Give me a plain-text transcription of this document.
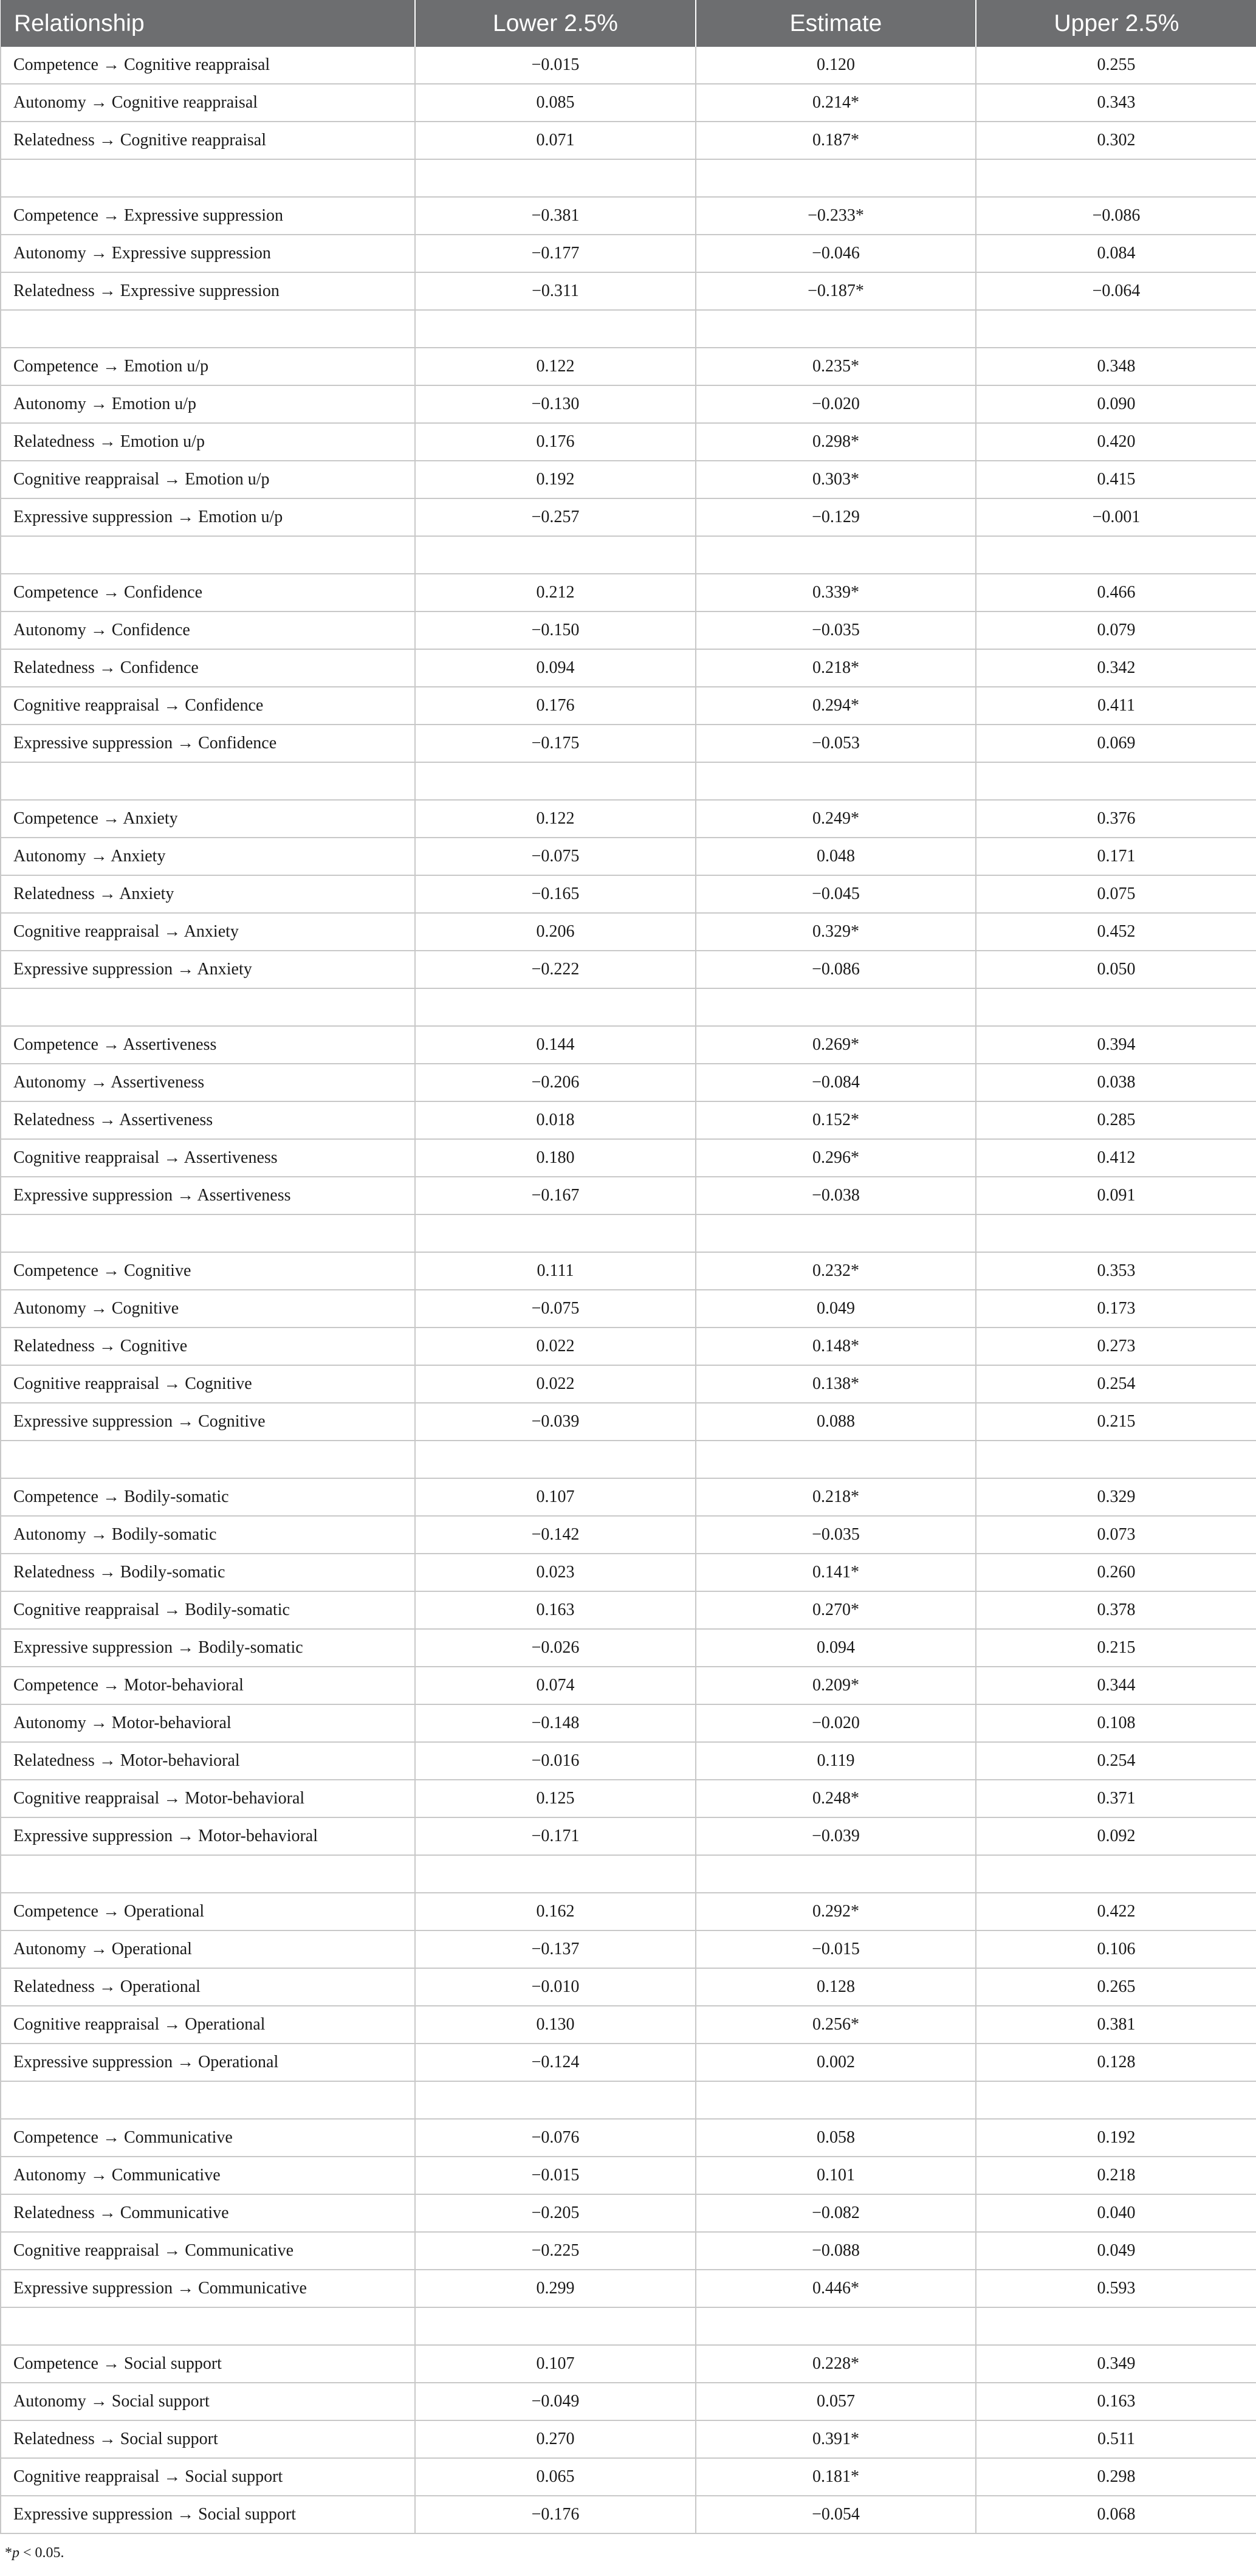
Relationship	Lower 2.5%	Estimate	Upper 2.5%
Competence → Cognitive reappraisal	−0.015	0.120	0.255
Autonomy → Cognitive reappraisal	0.085	0.214*	0.343
Relatedness → Cognitive reappraisal	0.071	0.187*	0.302

Competence → Expressive suppression	−0.381	−0.233*	−0.086
Autonomy → Expressive suppression	−0.177	−0.046	0.084
Relatedness → Expressive suppression	−0.311	−0.187*	−0.064

Competence → Emotion u/p	0.122	0.235*	0.348
Autonomy → Emotion u/p	−0.130	−0.020	0.090
Relatedness → Emotion u/p	0.176	0.298*	0.420
Cognitive reappraisal → Emotion u/p	0.192	0.303*	0.415
Expressive suppression → Emotion u/p	−0.257	−0.129	−0.001

Competence → Confidence	0.212	0.339*	0.466
Autonomy → Confidence	−0.150	−0.035	0.079
Relatedness → Confidence	0.094	0.218*	0.342
Cognitive reappraisal → Confidence	0.176	0.294*	0.411
Expressive suppression → Confidence	−0.175	−0.053	0.069

Competence → Anxiety	0.122	0.249*	0.376
Autonomy → Anxiety	−0.075	0.048	0.171
Relatedness → Anxiety	−0.165	−0.045	0.075
Cognitive reappraisal → Anxiety	0.206	0.329*	0.452
Expressive suppression → Anxiety	−0.222	−0.086	0.050

Competence → Assertiveness	0.144	0.269*	0.394
Autonomy → Assertiveness	−0.206	−0.084	0.038
Relatedness → Assertiveness	0.018	0.152*	0.285
Cognitive reappraisal → Assertiveness	0.180	0.296*	0.412
Expressive suppression → Assertiveness	−0.167	−0.038	0.091

Competence → Cognitive	0.111	0.232*	0.353
Autonomy → Cognitive	−0.075	0.049	0.173
Relatedness → Cognitive	0.022	0.148*	0.273
Cognitive reappraisal → Cognitive	0.022	0.138*	0.254
Expressive suppression → Cognitive	−0.039	0.088	0.215

Competence → Bodily-somatic	0.107	0.218*	0.329
Autonomy → Bodily-somatic	−0.142	−0.035	0.073
Relatedness → Bodily-somatic	0.023	0.141*	0.260
Cognitive reappraisal → Bodily-somatic	0.163	0.270*	0.378
Expressive suppression → Bodily-somatic	−0.026	0.094	0.215
Competence → Motor-behavioral	0.074	0.209*	0.344
Autonomy → Motor-behavioral	−0.148	−0.020	0.108
Relatedness → Motor-behavioral	−0.016	0.119	0.254
Cognitive reappraisal → Motor-behavioral	0.125	0.248*	0.371
Expressive suppression → Motor-behavioral	−0.171	−0.039	0.092

Competence → Operational	0.162	0.292*	0.422
Autonomy → Operational	−0.137	−0.015	0.106
Relatedness → Operational	−0.010	0.128	0.265
Cognitive reappraisal → Operational	0.130	0.256*	0.381
Expressive suppression → Operational	−0.124	0.002	0.128

Competence → Communicative	−0.076	0.058	0.192
Autonomy → Communicative	−0.015	0.101	0.218
Relatedness → Communicative	−0.205	−0.082	0.040
Cognitive reappraisal → Communicative	−0.225	−0.088	0.049
Expressive suppression → Communicative	0.299	0.446*	0.593

Competence → Social support	0.107	0.228*	0.349
Autonomy → Social support	−0.049	0.057	0.163
Relatedness → Social support	0.270	0.391*	0.511
Cognitive reappraisal → Social support	0.065	0.181*	0.298
Expressive suppression → Social support	−0.176	−0.054	0.068
*p < 0.05.
